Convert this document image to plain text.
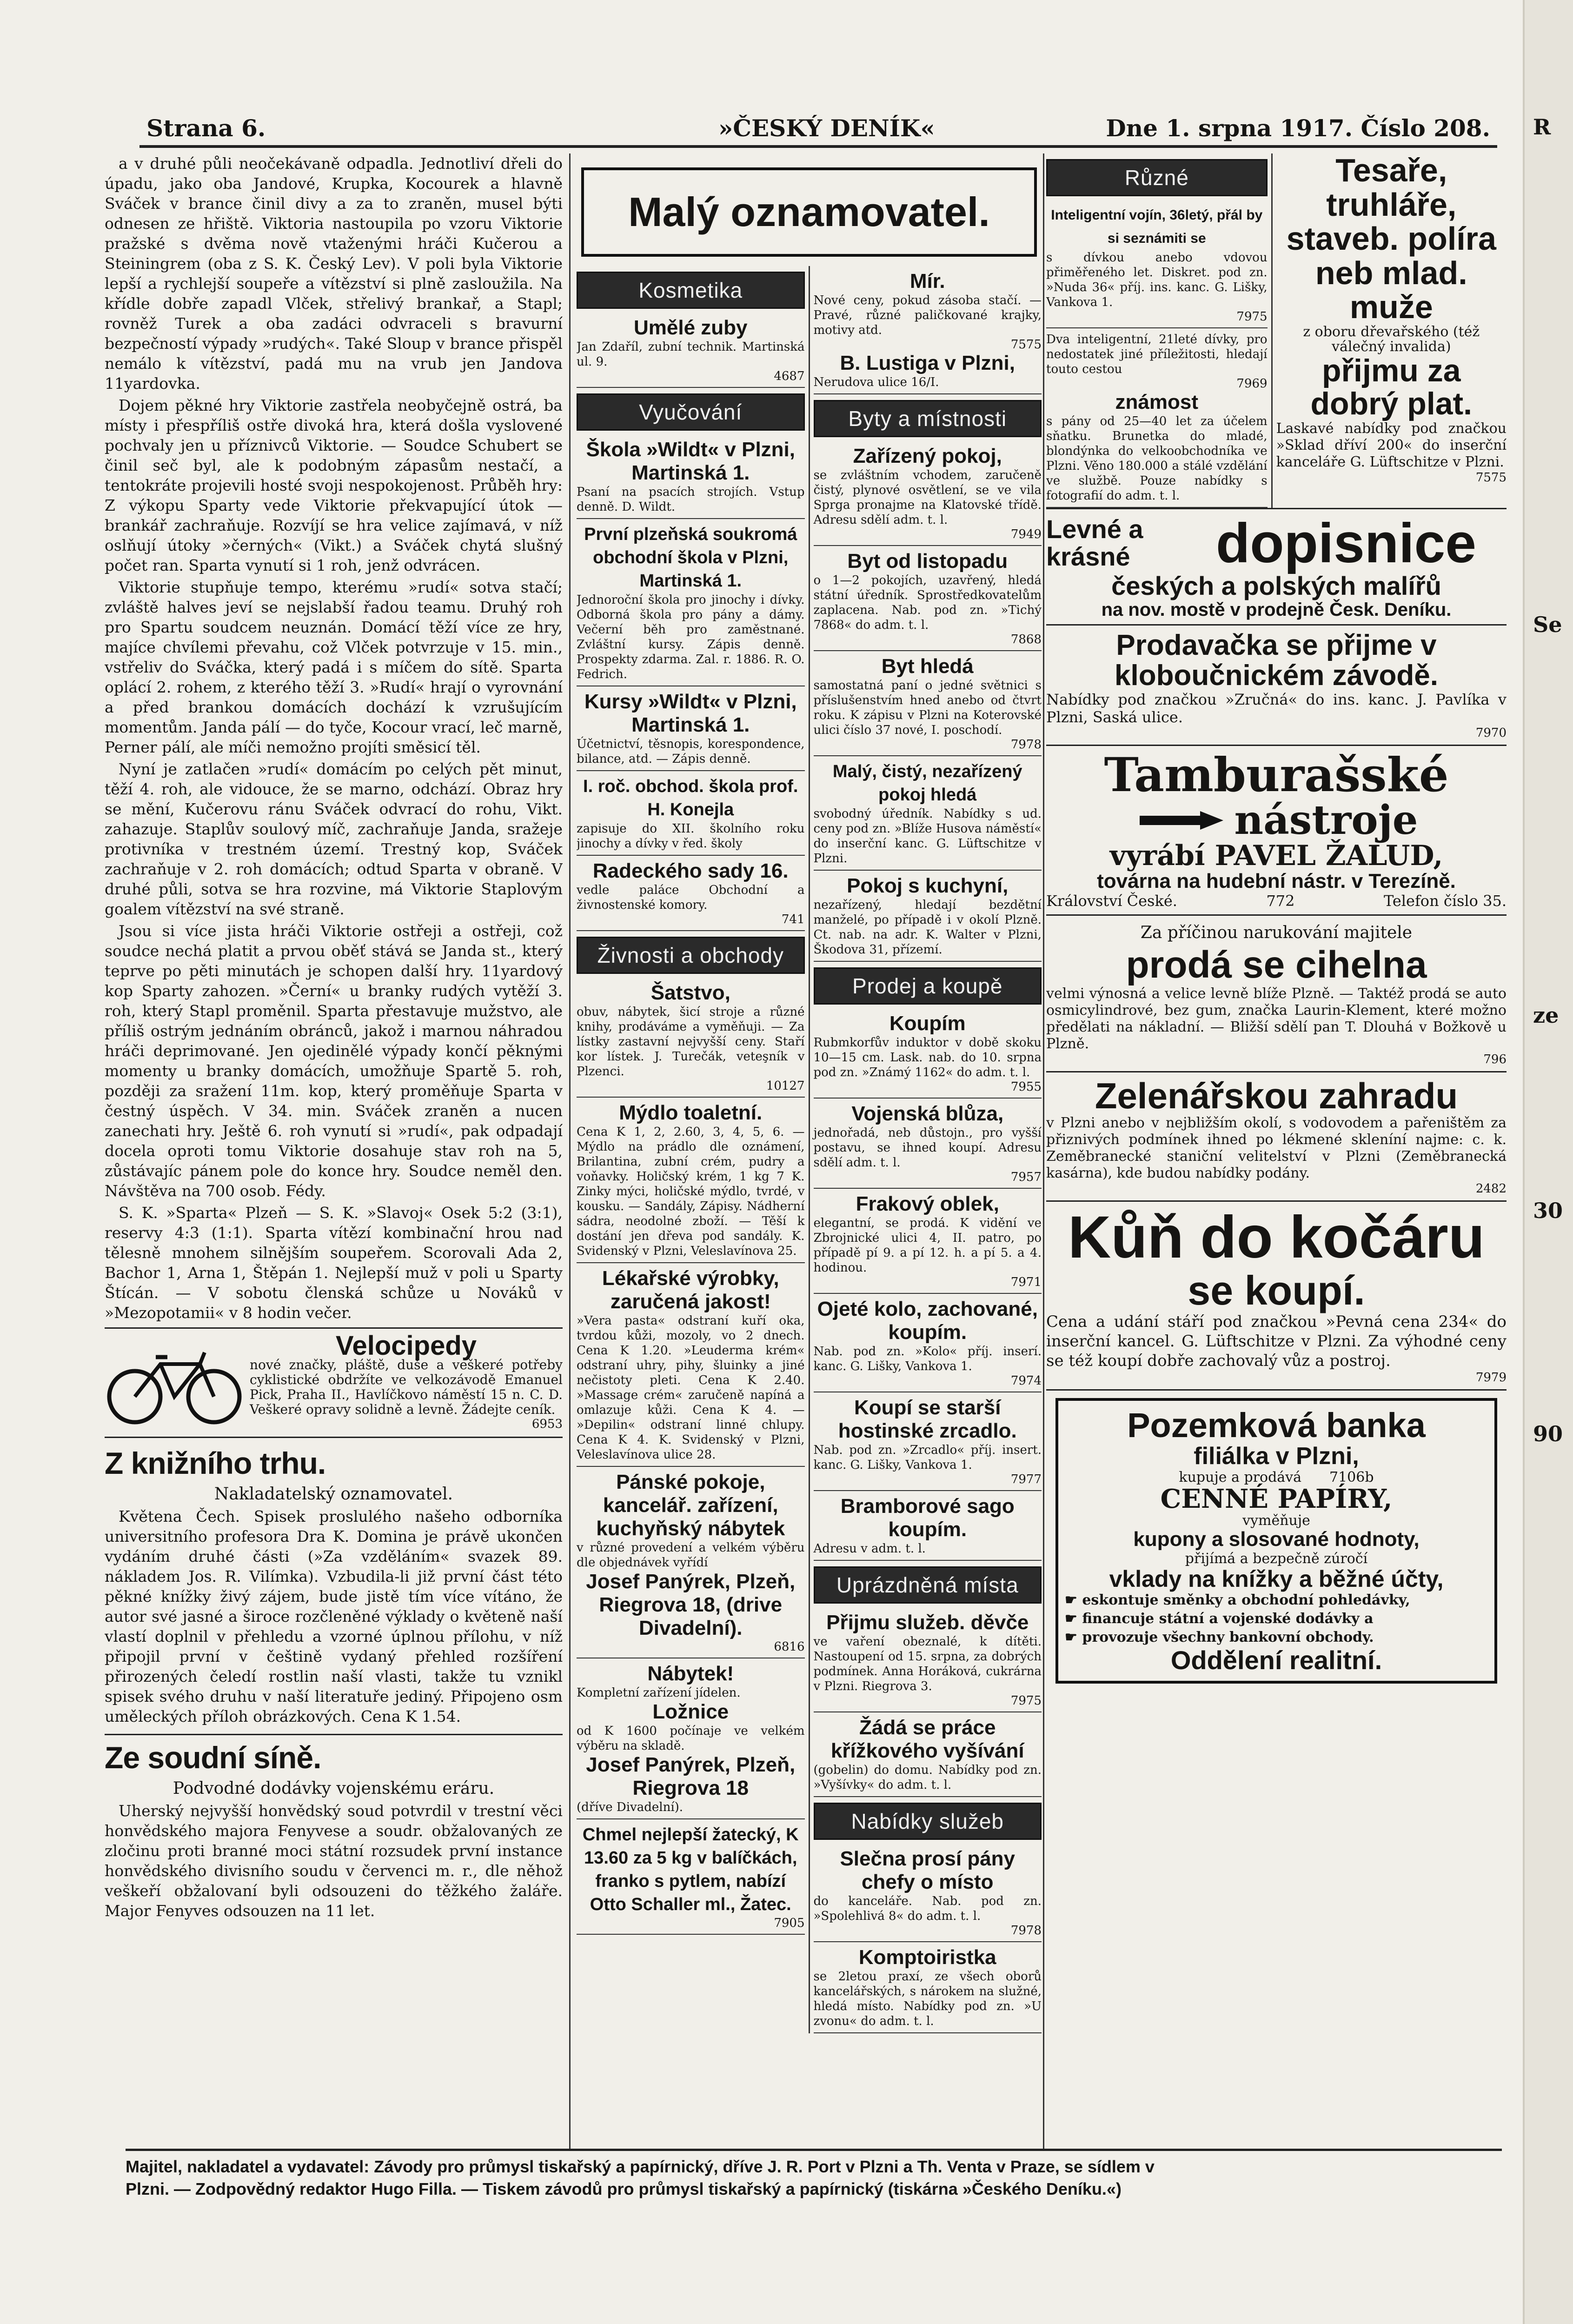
Strana 6.	»ČESKÝ DENÍK«	Dne 1. srpna 1917. Číslo 208.

a v druhé půli neočekávaně odpadla. Jednotliví dřeli do úpadu, jako oba Jandové, Krupka, Kocourek a hlavně Sváček v brance činil divy a za to zraněn, musel býti odnesen ze hřiště. Viktoria nastoupila po vzoru Viktorie pražské s dvěma nově vtaženými hráči Kučerou a Steiningrem (oba z S. K. Český Lev). V poli byla Viktorie lepší a rychlejší soupeře a vítězství si plně zasloužila. Na křídle dobře zapadl Vlček, střelivý brankař, a Stapl; rovněž Turek a oba zadáci odvraceli s bravurní bezpečností výpady »rudých«. Také Sloup v brance přispěl nemálo k vítězství, padá mu na vrub jen Jandova 11yardovka.

Dojem pěkné hry Viktorie zastřela neobyčejně ostrá, ba místy i přespříliš ostře divoká hra, která došla vyslovené pochvaly jen u příznivců Viktorie. — Soudce Schubert se činil seč byl, ale k podobným zápasům nestačí, a tentokráte projevili hosté svoji nespokojenost. Průběh hry: Z výkopu Sparty vede Viktorie překvapující útok — brankář zachraňuje. Rozvíjí se hra velice zajímavá, v níž oslňují útoky »černých« (Vikt.) a Sváček chytá slušný počet ran. Sparta vynutí si 1 roh, jenž odvrácen.

Viktorie stupňuje tempo, kterému »rudí« sotva stačí; zvláště halves jeví se nejslabší řadou teamu. Druhý roh pro Spartu soudcem neuznán. Domácí těží více ze hry, majíce chvílemi převahu, což Vlček potvrzuje v 15. min., vstřeliv do Sváčka, který padá i s míčem do sítě. Sparta oplácí 2. rohem, z kterého těží 3. »Rudí« hrají o vyrovnání a před brankou domácích dochází k vzrušujícím momentům. Janda pálí — do tyče, Kocour vrací, leč marně, Perner pálí, ale míči nemožno projíti směsicí těl.

Nyní je zatlačen »rudí« domácím po celých pět minut, těží 4. roh, ale vidouce, že se marno, odchází. Obraz hry se mění, Kučerovu ránu Sváček odvrací do rohu, Vikt. zahazuje. Staplův soulový míč, zachraňuje Janda, sražeje protivníka v trestném území. Trestný kop, Sváček zachraňuje v 2. roh domácích; odtud Sparta v obraně. V druhé půli, sotva se hra rozvine, má Viktorie Staplovým goalem vítězství na své straně.

Jsou si více jista hráči Viktorie ostřeji a ostřeji, což soudce nechá platit a prvou oběť stává se Janda st., který teprve po pěti minutách je schopen další hry. 11yardový kop Sparty zahozen. »Černí« u branky rudých vytěží 3. roh, který Stapl proměnil. Sparta přestavuje mužstvo, ale příliš ostrým jednáním obránců, jakož i marnou náhradou hráči deprimované. Jen ojedinělé výpady končí pěknými momenty u branky domácích, umožňuje Spartě 5. roh, později za sražení 11m. kop, který proměňuje Sparta v čestný úspěch. V 34. min. Sváček zraněn a nucen zanechati hry. Ještě 6. roh vynutí si »rudí«, pak odpadají docela oproti tomu Viktorie dosahuje stav roh na 5, zůstávajíc pánem pole do konce hry. Soudce neměl den. Návštěva na 700 osob. Fédy.

S. K. »Sparta« Plzeň — S. K. »Slavoj« Osek 5:2 (3:1), reservy 4:3 (1:1). Sparta vítězí kombinační hrou nad tělesně mnohem silnějším soupeřem. Scorovali Ada 2, Bachor 1, Arna 1, Štěpán 1. Nejlepší muž v poli u Sparty Štícán. — V sobotu členská schůze u Nováků v »Mezopotamii« v 8 hodin večer.

Velocipedy
nové značky, pláště, duše a veškeré potřeby cyklistické obdržíte ve velkozávodě Emanuel Pick, Praha II., Havlíčkovo náměstí 15 n. C. D. Veškeré opravy solidně a levně. Žádejte ceník.
6953
Z knižního trhu.
Nakladatelský oznamovatel.

Květena Čech. Spisek proslulého našeho odborníka universitního profesora Dra K. Domina je právě ukončen vydáním druhé části (»Za vzděláním« svazek 89. nákladem Jos. R. Vilímka). Vzbudila-li již první část této pěkné knížky živý zájem, bude jistě tím více vítáno, že autor své jasné a široce rozčleněné výklady o květeně naší vlastí doplnil v přehledu a vzorné úplnou přílohu, v níž připojil první v češtině vydaný přehled rozšíření přirozených čeledí rostlin naší vlasti, takže tu vznikl spisek svého druhu v naší literatuře jediný. Připojeno osm uměleckých příloh obrázkových. Cena K 1.54.

Ze soudní síně.
Podvodné dodávky vojenskému eráru.

Uherský nejvyšší honvědský soud potvrdil v trestní věci honvědského majora Fenyvese a soudr. obžalovaných ze zločinu proti branné moci státní rozsudek první instance honvědského divisního soudu v červenci m. r., dle něhož veškeří obžalovaní byli odsouzeni do těžkého žaláře. Major Fenyves odsouzen na 11 let.

Malý oznamovatel.
Kosmetika
Umělé zuby
Jan Zdaříl, zubní technik. Martinská ul. 9.
4687
Vyučování
Škola »Wildt« v Plzni, Martinská 1.
Psaní na psacích strojích. Vstup denně. D. Wildt.
První plzeňská soukromá obchodní škola v Plzni, Martinská 1.
Jednoroční škola pro jinochy i dívky. Odborná škola pro pány a dámy. Večerní běh pro zaměstnané. Zvláštní kursy. Zápis denně. Prospekty zdarma. Zal. r. 1886. R. O. Fedrich.
Kursy »Wildt« v Plzni, Martinská 1.
Účetnictví, těsnopis, korespondence, bilance, atd. — Zápis denně.
I. roč. obchod. škola prof. H. Konejla
zapisuje do XII. školního roku jinochy a dívky v řed. školy
Radeckého sady 16.
vedle paláce Obchodní a živnostenské komory.
741
Živnosti a obchody
Šatstvo,
obuv, nábytek, šicí stroje a různé knihy, prodáváme a vyměňuji. — Za lístky zastavní nejvyšší ceny. Staří kor lístek. J. Turečák, veteşník v Plzenci.
10127
Mýdlo toaletní.
Cena K 1, 2, 2.60, 3, 4, 5, 6. — Mýdlo na prádlo dle oznámení, Brilantina, zubní crém, pudry a voňavky. Holičský krém, 1 kg 7 K. Zinky mýci, holičské mýdlo, tvrdé, v kousku. — Sandály, Zápisy. Nádherní sádra, neodolné zboží. — Těší k dostání jen dřeva pod sandály. K. Svidenský v Plzni, Veleslavínova 25.
Lékařské výrobky, zaručená jakost!
»Vera pasta« odstraní kuří oka, tvrdou kůži, mozoly, vo 2 dnech. Cena K 1.20. »Leuderma krém« odstraní uhry, pihy, šluinky a jiné nečistoty pleti. Cena K 2.40. »Massage crém« zaručeně napíná a omlazuje kůži. Cena K 4. — »Depilin« odstraní linné chlupy. Cena K 4. K. Svidenský v Plzni, Veleslavínova ulice 28.
Pánské pokoje, kancelář. zařízení, kuchyňský nábytek
v různé provedení a velkém výběru dle objednávek vyřídí
Josef Panýrek, Plzeň, Riegrova 18, (drive Divadelní).
6816
Nábytek!
Kompletní zařízení jídelen.
Ložnice
od K 1600 počínaje ve velkém výběru na skladě.
Josef Panýrek, Plzeň, Riegrova 18
(dříve Divadelní).
Chmel nejlepší žatecký, K 13.60 za 5 kg v balíčkách, franko s pytlem, nabízí Otto Schaller ml., Žatec.
7905
Mír.
Nové ceny, pokud zásoba stačí. — Pravé, různé paličkované krajky, motivy atd.
7575
B. Lustiga v Plzni,
Nerudova ulice 16/I.
Byty a místnosti
Zařízený pokoj,
se zvláštním vchodem, zaručeně čistý, plynové osvětlení, se ve vila Sprga pronajme na Klatovské třídě. Adresu sdělí adm. t. l.
7949
Byt od listopadu
o 1—2 pokojích, uzavřený, hledá státní úředník. Sprostředkovatelům zaplacena. Nab. pod zn. »Tichý 7868« do adm. t. l.
7868
Byt hledá
samostatná paní o jedné světnici s příslušenstvím hned anebo od čtvrt roku. K zápisu v Plzni na Koterovské ulici číslo 37 nové, I. poschodí.
7978
Malý, čistý, nezařízený pokoj hledá
svobodný úředník. Nabídky s ud. ceny pod zn. »Blíže Husova náměstí« do inserční kanc. G. Lüftschitze v Plzni.
Pokoj s kuchyní,
nezařízený, hledají bezdětní manželé, po případě i v okolí Plzně. Ct. nab. na adr. K. Walter v Plzni, Škodova 31, přízemí.
Prodej a koupě
Koupím
Rubmkorfův induktor v době skoku 10—15 cm. Lask. nab. do 10. srpna pod zn. »Známý 1162« do adm. t. l.
7955
Vojenská blůza,
jednořadá, neb důstojn., pro vyšší postavu, se ihned koupí. Adresu sdělí adm. t. l.
7957
Frakový oblek,
elegantní, se prodá. K vidění ve Zbrojnické ulici 4, II. patro, po případě pí 9. a pí 12. h. a pí 5. a 4. hodinou.
7971
Ojeté kolo, zachované, koupím.
Nab. pod zn. »Kolo« příj. inserí. kanc. G. Lišky, Vankova 1.
7974
Koupí se starší hostinské zrcadlo.
Nab. pod zn. »Zrcadlo« příj. insert. kanc. G. Lišky, Vankova 1.
7977
Bramborové sago koupím.
Adresu v adm. t. l.
Uprázdněná místa
Přijmu služeb. děvče
ve vaření obeznalé, k dítěti. Nastoupení od 15. srpna, za dobrých podmínek. Anna Horáková, cukrárna v Plzni. Riegrova 3.
7975
Žádá se práce křížkového vyšívání
(gobelin) do domu. Nabídky pod zn. »Vyšívky« do adm. t. l.
Nabídky služeb
Slečna prosí pány chefy o místo
do kanceláře. Nab. pod zn. »Spolehlivá 8« do adm. t. l.
7978
Komptoiristka
se 2letou praxí, ze všech oborů kancelářských, s nárokem na služné, hledá místo. Nabídky pod zn. »U zvonu« do adm. t. l.
Různé
Inteligentní vojín, 36letý, přál by si seznámiti se
s dívkou anebo vdovou přiměřeného let. Diskret. pod zn. »Nuda 36« příj. ins. kanc. G. Lišky, Vankova 1.
7975
Dva inteligentní, 21leté dívky, pro nedostatek jiné příležitosti, hledají touto cestou
7969
známost
s pány od 25—40 let za účelem sňatku. Brunetka do mladé, blondýnka do velkoobchodníka ve Plzni. Věno 180.000 a stálé vzdělání ve službě. Pouze nabídky s fotografií do adm. t. l.
Tesaře, truhláře, staveb. polírа neb mlad. muže
z oboru dřevařského (též válečný invalida)
přijmu za dobrý plat.
Laskavé nabídky pod značkou »Sklad dříví 200« do inserční kanceláře G. Lüftschitze v Plzni.
7575
Levné a krásné	dopisnice
českých a polských malířů
na nov. mostě v prodejně Česk. Deníku.
Prodavačka se přijme v kloboučnickém závodě.
Nabídky pod značkou »Zručná« do ins. kanc. J. Pavlíka v Plzni, Saská ulice.
7970
Tamburašské
nástroje
vyrábí PAVEL ŽALUD,
továrna na hudební nástr. v Terezíně.
Království České.	772	Telefon číslo 35.
Za příčinou narukování majitele
prodá se cihelna
velmi výnosná a velice levně blíže Plzně. — Taktéž prodá se auto osmicylindrové, bez gum, značka Laurin-Klement, které možno předělati na nákladní. — Bližší sdělí pan T. Dlouhá v Božkově u Plzně.
796
Zelenářskou zahradu
v Plzni anebo v nejbližším okolí, s vodovodem a pařeništěm za přiznivých podmínek ihned po lékmené skleníní najme: c. k. Zeměbranecké staniční velitelství v Plzni (Zeměbranecká kasárna), kde budou nabídky podány.
2482
Kůň do kočáru
se koupí.
Cena a udání stáří pod značkou »Pevná cena 234« do inserční kancel. G. Lüftschitze v Plzni. Za výhodné ceny se též koupí dobře zachovalý vůz a postroj.
7979
Pozemková banka
filiálka v Plzni,
kupuje a prodává 7106b
CENNÉ PAPÍRY,
vyměňuje
kupony a slosované hodnoty,
přijímá a bezpečně zúročí
vklady na knížky a běžné účty,
☛ eskontuje směnky a obchodní pohledávky,
☛ financuje státní a vojenské dodávky a
☛ provozuje všechny bankovní obchody.
Oddělení realitní.
Majitel, nakladatel a vydavatel: Závody pro průmysl tiskařský a papírnický, dříve J. R. Port v Plzni a Th. Venta v Praze, se sídlem v
Plzni. — Zodpovědný redaktor Hugo Filla. — Tiskem závodů pro průmysl tiskařský a papírnický (tiskárna »Českého Deníku.«)
R
Se
ze
30
90
